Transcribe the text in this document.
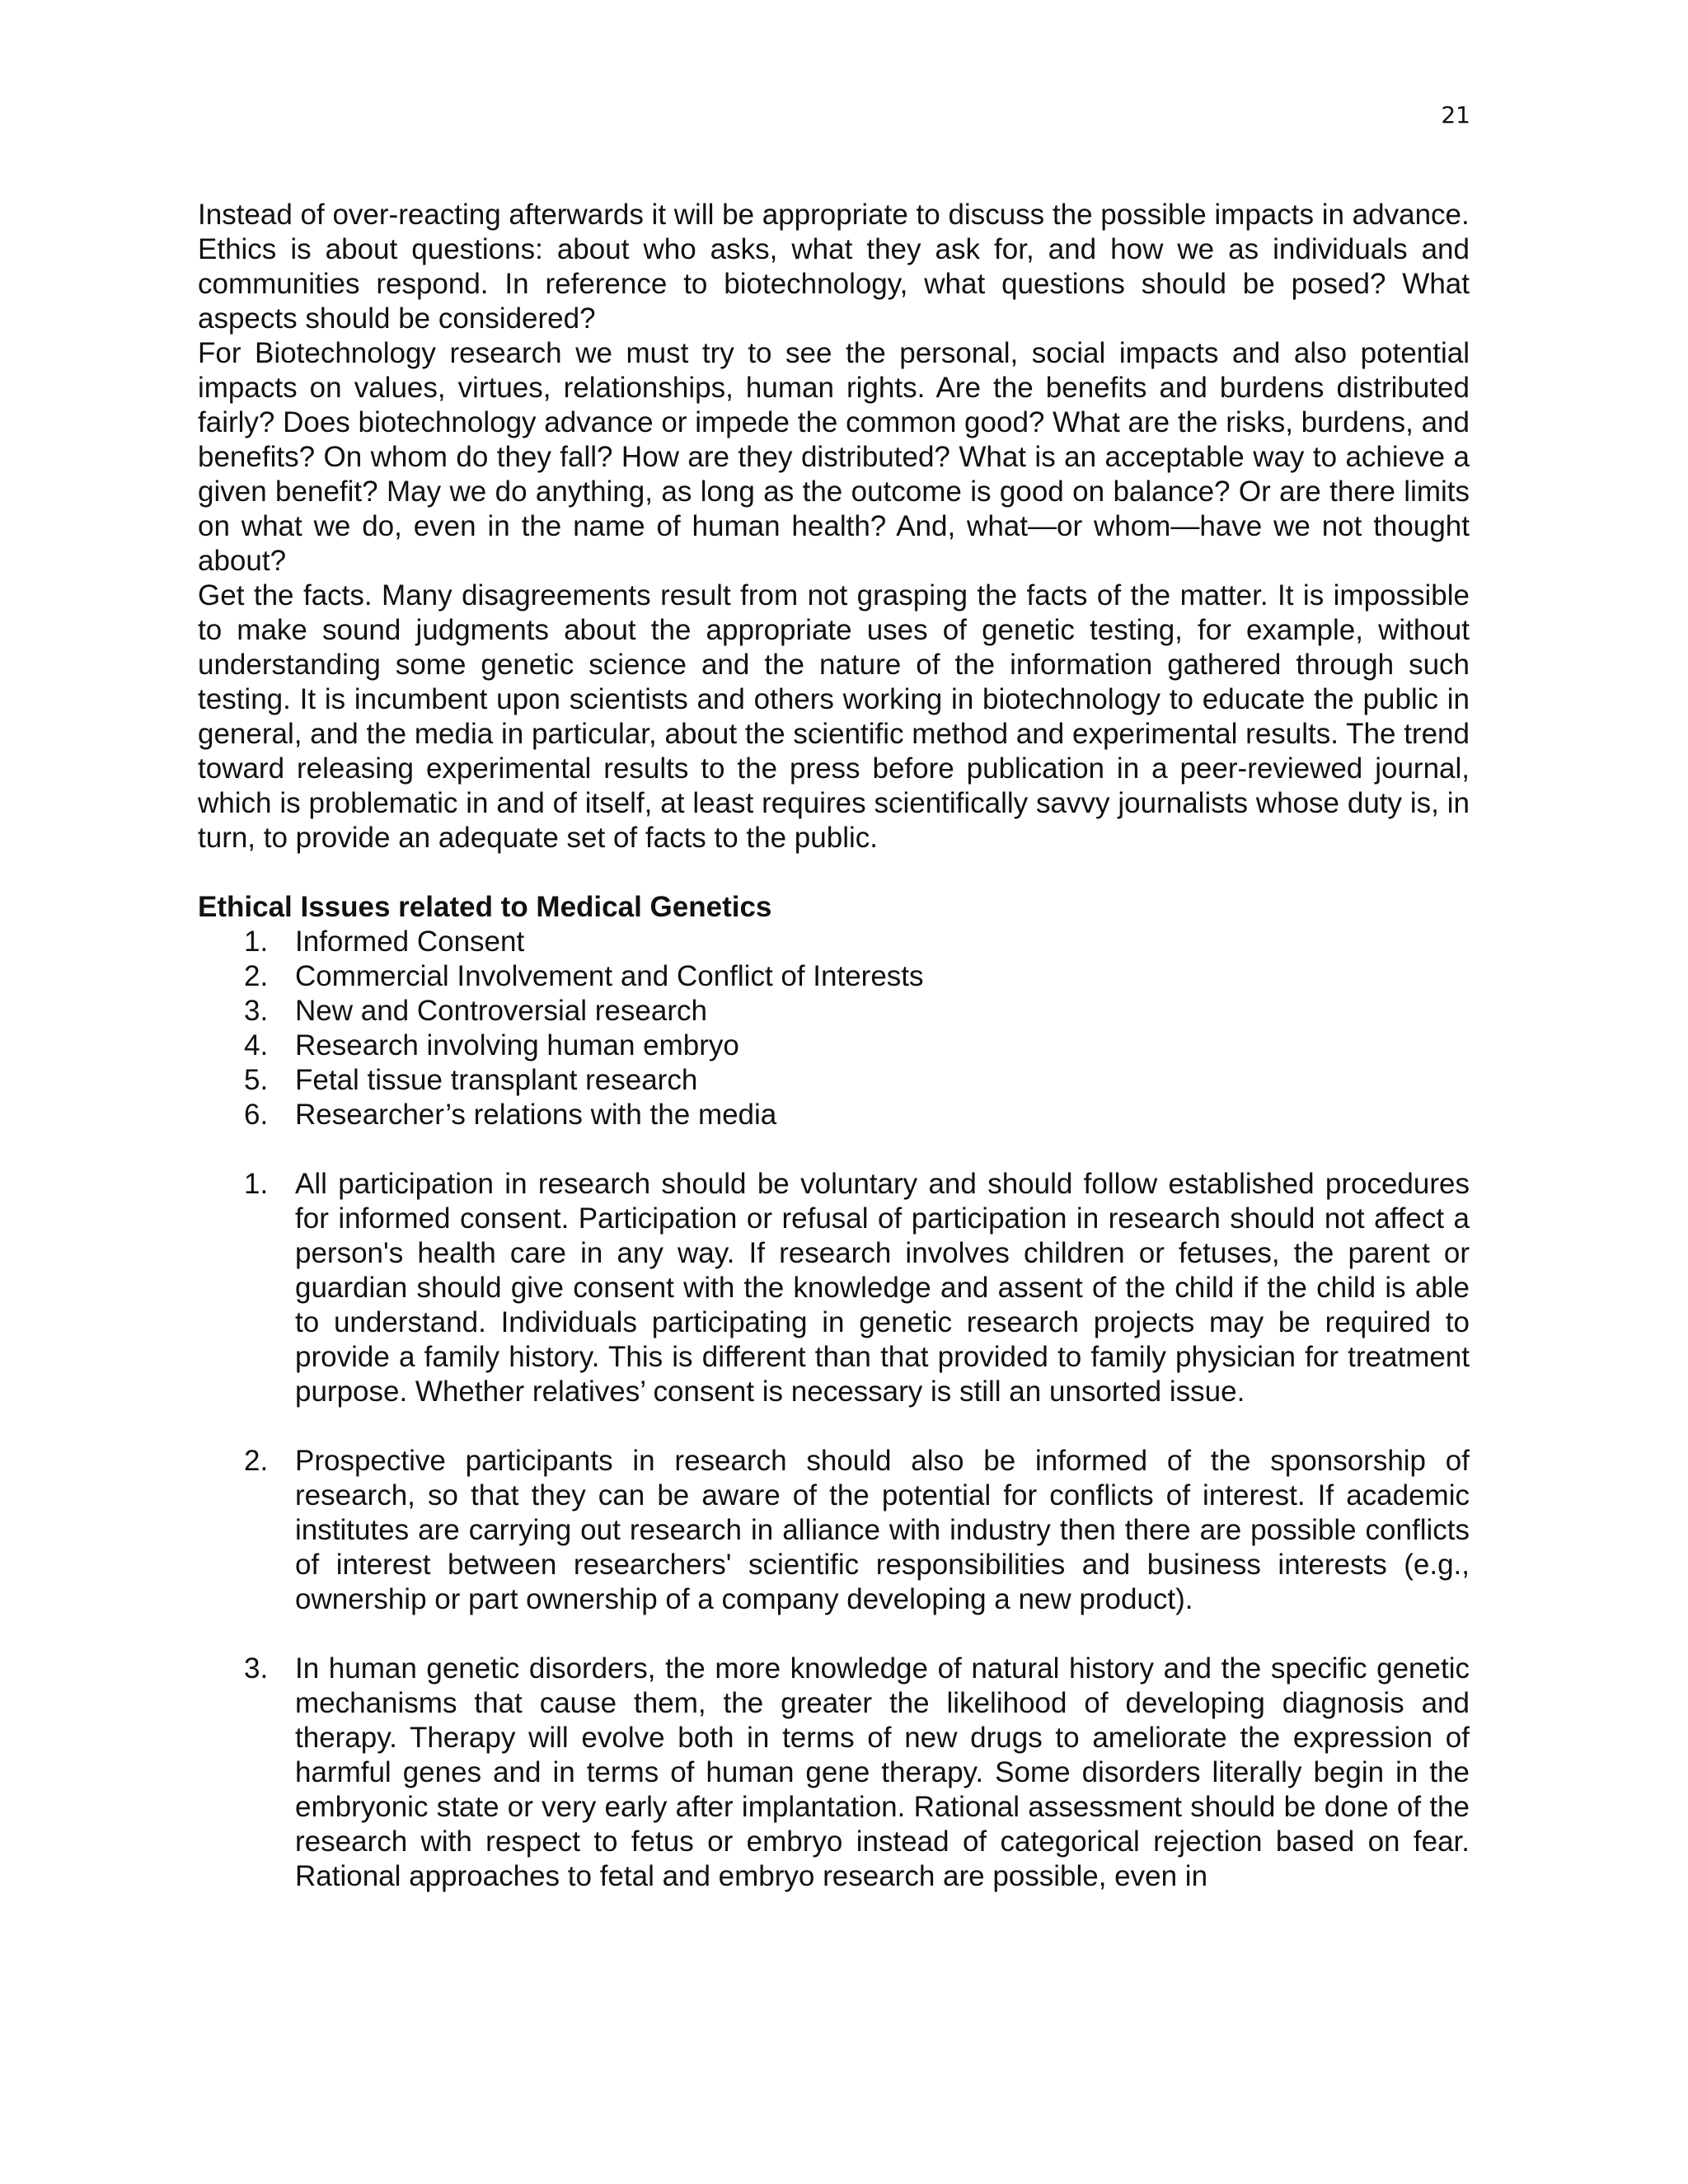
21

Instead of over-reacting afterwards it will be appropriate to discuss the possible impacts in advance.

Ethics is about questions: about who asks, what they ask for, and how we as individuals and communities respond. In reference to biotechnology, what questions should be posed? What aspects should be considered?

For Biotechnology research we must try to see the personal, social impacts and also potential impacts on values, virtues, relationships, human rights. Are the benefits and burdens distributed fairly? Does biotechnology advance or impede the common good? What are the risks, burdens, and benefits? On whom do they fall? How are they distributed? What is an acceptable way to achieve a given benefit? May we do anything, as long as the outcome is good on balance? Or are there limits on what we do, even in the name of human health? And, what—or whom—have we not thought about?

Get the facts. Many disagreements result from not grasping the facts of the matter. It is impossible to make sound judgments about the appropriate uses of genetic testing, for example, without understanding some genetic science and the nature of the information gathered through such testing. It is incumbent upon scientists and others working in biotechnology to educate the public in general, and the media in particular, about the scientific method and experimental results. The trend toward releasing experimental results to the press before publication in a peer-reviewed journal, which is problematic in and of itself, at least requires scientifically savvy journalists whose duty is, in turn, to provide an adequate set of facts to the public.

Ethical Issues related to Medical Genetics
1. Informed Consent
2. Commercial Involvement and Conflict of Interests
3. New and Controversial research
4. Research involving human embryo
5. Fetal tissue transplant research
6. Researcher’s relations with the media
1. All participation in research should be voluntary and should follow established procedures for informed consent. Participation or refusal of participation in research should not affect a person's health care in any way. If research involves children or fetuses, the parent or guardian should give consent with the knowledge and assent of the child if the child is able to understand. Individuals participating in genetic research projects may be required to provide a family history. This is different than that provided to family physician for treatment purpose. Whether relatives’ consent is necessary is still an unsorted issue.
2. Prospective participants in research should also be informed of the sponsorship of research, so that they can be aware of the potential for conflicts of interest. If academic institutes are carrying out research in alliance with industry then there are possible conflicts of interest between researchers' scientific responsibilities and business interests (e.g., ownership or part ownership of a company developing a new product).
3. In human genetic disorders, the more knowledge of natural history and the specific genetic mechanisms that cause them, the greater the likelihood of developing diagnosis and therapy. Therapy will evolve both in terms of new drugs to ameliorate the expression of harmful genes and in terms of human gene therapy. Some disorders literally begin in the embryonic state or very early after implantation. Rational assessment should be done of the research with respect to fetus or embryo instead of categorical rejection based on fear. Rational approaches to fetal and embryo research are possible, even in
